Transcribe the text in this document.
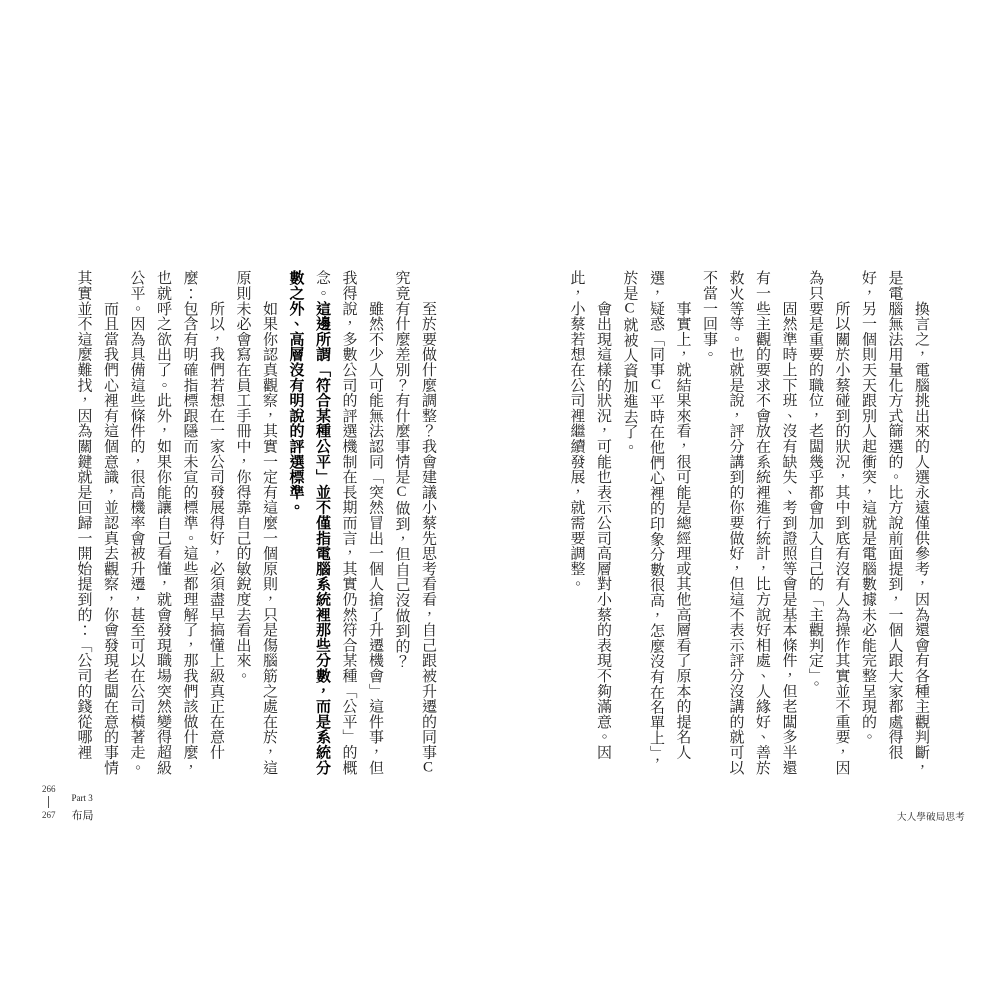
　　換言之，電腦挑出來的人選永遠僅供參考，因為還會有各種主觀判斷，
是電腦無法用量化方式篩選的。比方說前面提到，一個人跟大家都處得很
好，另一個則天天跟別人起衝突，這就是電腦數據未必能完整呈現的。
　　所以關於小蔡碰到的狀況，其中到底有沒有人為操作其實並不重要，因
為只要是重要的職位，老闆幾乎都會加入自己的「主觀判定」。
　　固然準時上下班、沒有缺失、考到證照等會是基本條件，但老闆多半還
有一些主觀的要求不會放在系統裡進行統計，比方說好相處、人緣好、善於
救火等等。也就是說，評分講到的你要做好，但這不表示評分沒講的就可以
不當一回事。
　　事實上，就結果來看，很可能是總經理或其他高層看了原本的提名人
選，疑惑「同事C平時在他們心裡的印象分數很高，怎麼沒有在名單上」，
於是C就被人資加進去了。
　　會出現這樣的狀況，可能也表示公司高層對小蔡的表現不夠滿意。因
此，小蔡若想在公司裡繼續發展，就需要調整。
　　至於要做什麼調整？我會建議小蔡先思考看看，自己跟被升遷的同事C
究竟有什麼差別？有什麼事情是C做到，但自己沒做到的？
　　雖然不少人可能無法認同「突然冒出一個人搶了升遷機會」這件事，但
我得說，多數公司的評選機制在長期而言，其實仍然符合某種「公平」的概
念。這邊所謂「符合某種公平」並不僅指電腦系統裡那些分數，而是系統分
數之外、高層沒有明說的評選標準。
　　如果你認真觀察，其實一定有這麼一個原則，只是傷腦筋之處在於，這
原則未必會寫在員工手冊中，你得靠自己的敏銳度去看出來。
　　所以，我們若想在一家公司發展得好，必須盡早搞懂上級真正在意什
麼：包含有明確指標跟隱而未宣的標準。這些都理解了，那我們該做什麼，
也就呼之欲出了。此外，如果你能讓自己看懂，就會發現職場突然變得超級
公平。因為具備這些條件的，很高機率會被升遷，甚至可以在公司橫著走。
　　而且當我們心裡有這個意識，並認真去觀察，你會發現老闆在意的事情
其實並不這麼難找，因為關鍵就是回歸一開始提到的：「公司的錢從哪裡
266
267
Part 3
布局	大人學破局思考
